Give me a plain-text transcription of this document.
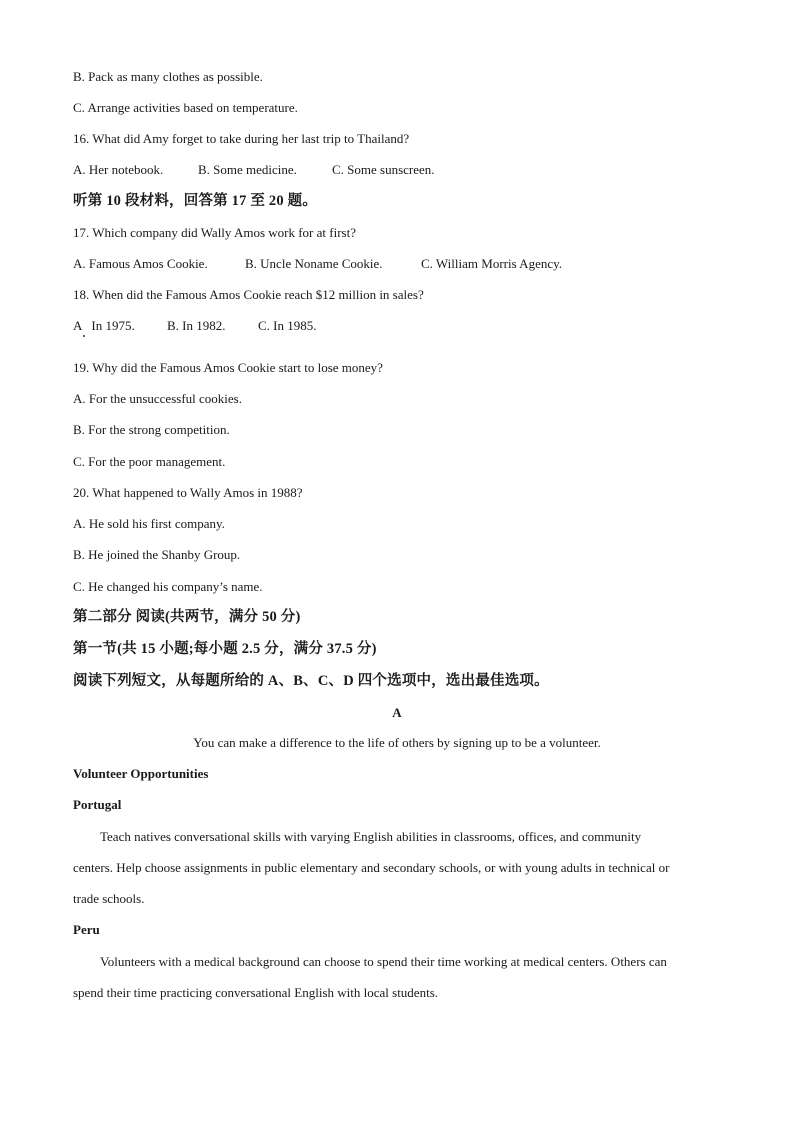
B. Pack as many clothes as possible.
C. Arrange activities based on temperature.
16. What did Amy forget to take during her last trip to Thailand?
A. Her notebook.	B. Some medicine.	C. Some sunscreen.
听第 10 段材料，回答第 17 至 20 题。
17. Which company did Wally Amos work for at first?
A. Famous Amos Cookie.	B. Uncle Noname Cookie.	C. William Morris Agency.
18. When did the Famous Amos Cookie reach $12 million in sales?
A   In 1975. B. In 1982.	C. In 1985.
19. Why did the Famous Amos Cookie start to lose money?
A. For the unsuccessful cookies.
B. For the strong competition.
C. For the poor management.
20. What happened to Wally Amos in 1988?
A. He sold his first company.
B. He joined the Shanby Group.
C. He changed his company’s name.
第二部分 阅读(共两节，满分 50 分)
第一节(共 15 小题;每小题 2.5 分，满分 37.5 分)
阅读下列短文，从每题所给的 A、B、C、D 四个选项中，选出最佳选项。
A
You can make a difference to the life of others by signing up to be a volunteer.
Volunteer Opportunities
Portugal
Teach natives conversational skills with varying English abilities in classrooms, offices, and community
centers. Help choose assignments in public elementary and secondary schools, or with young adults in technical or
trade schools.
Peru
Volunteers with a medical background can choose to spend their time working at medical centers. Others can
spend their time practicing conversational English with local students.
